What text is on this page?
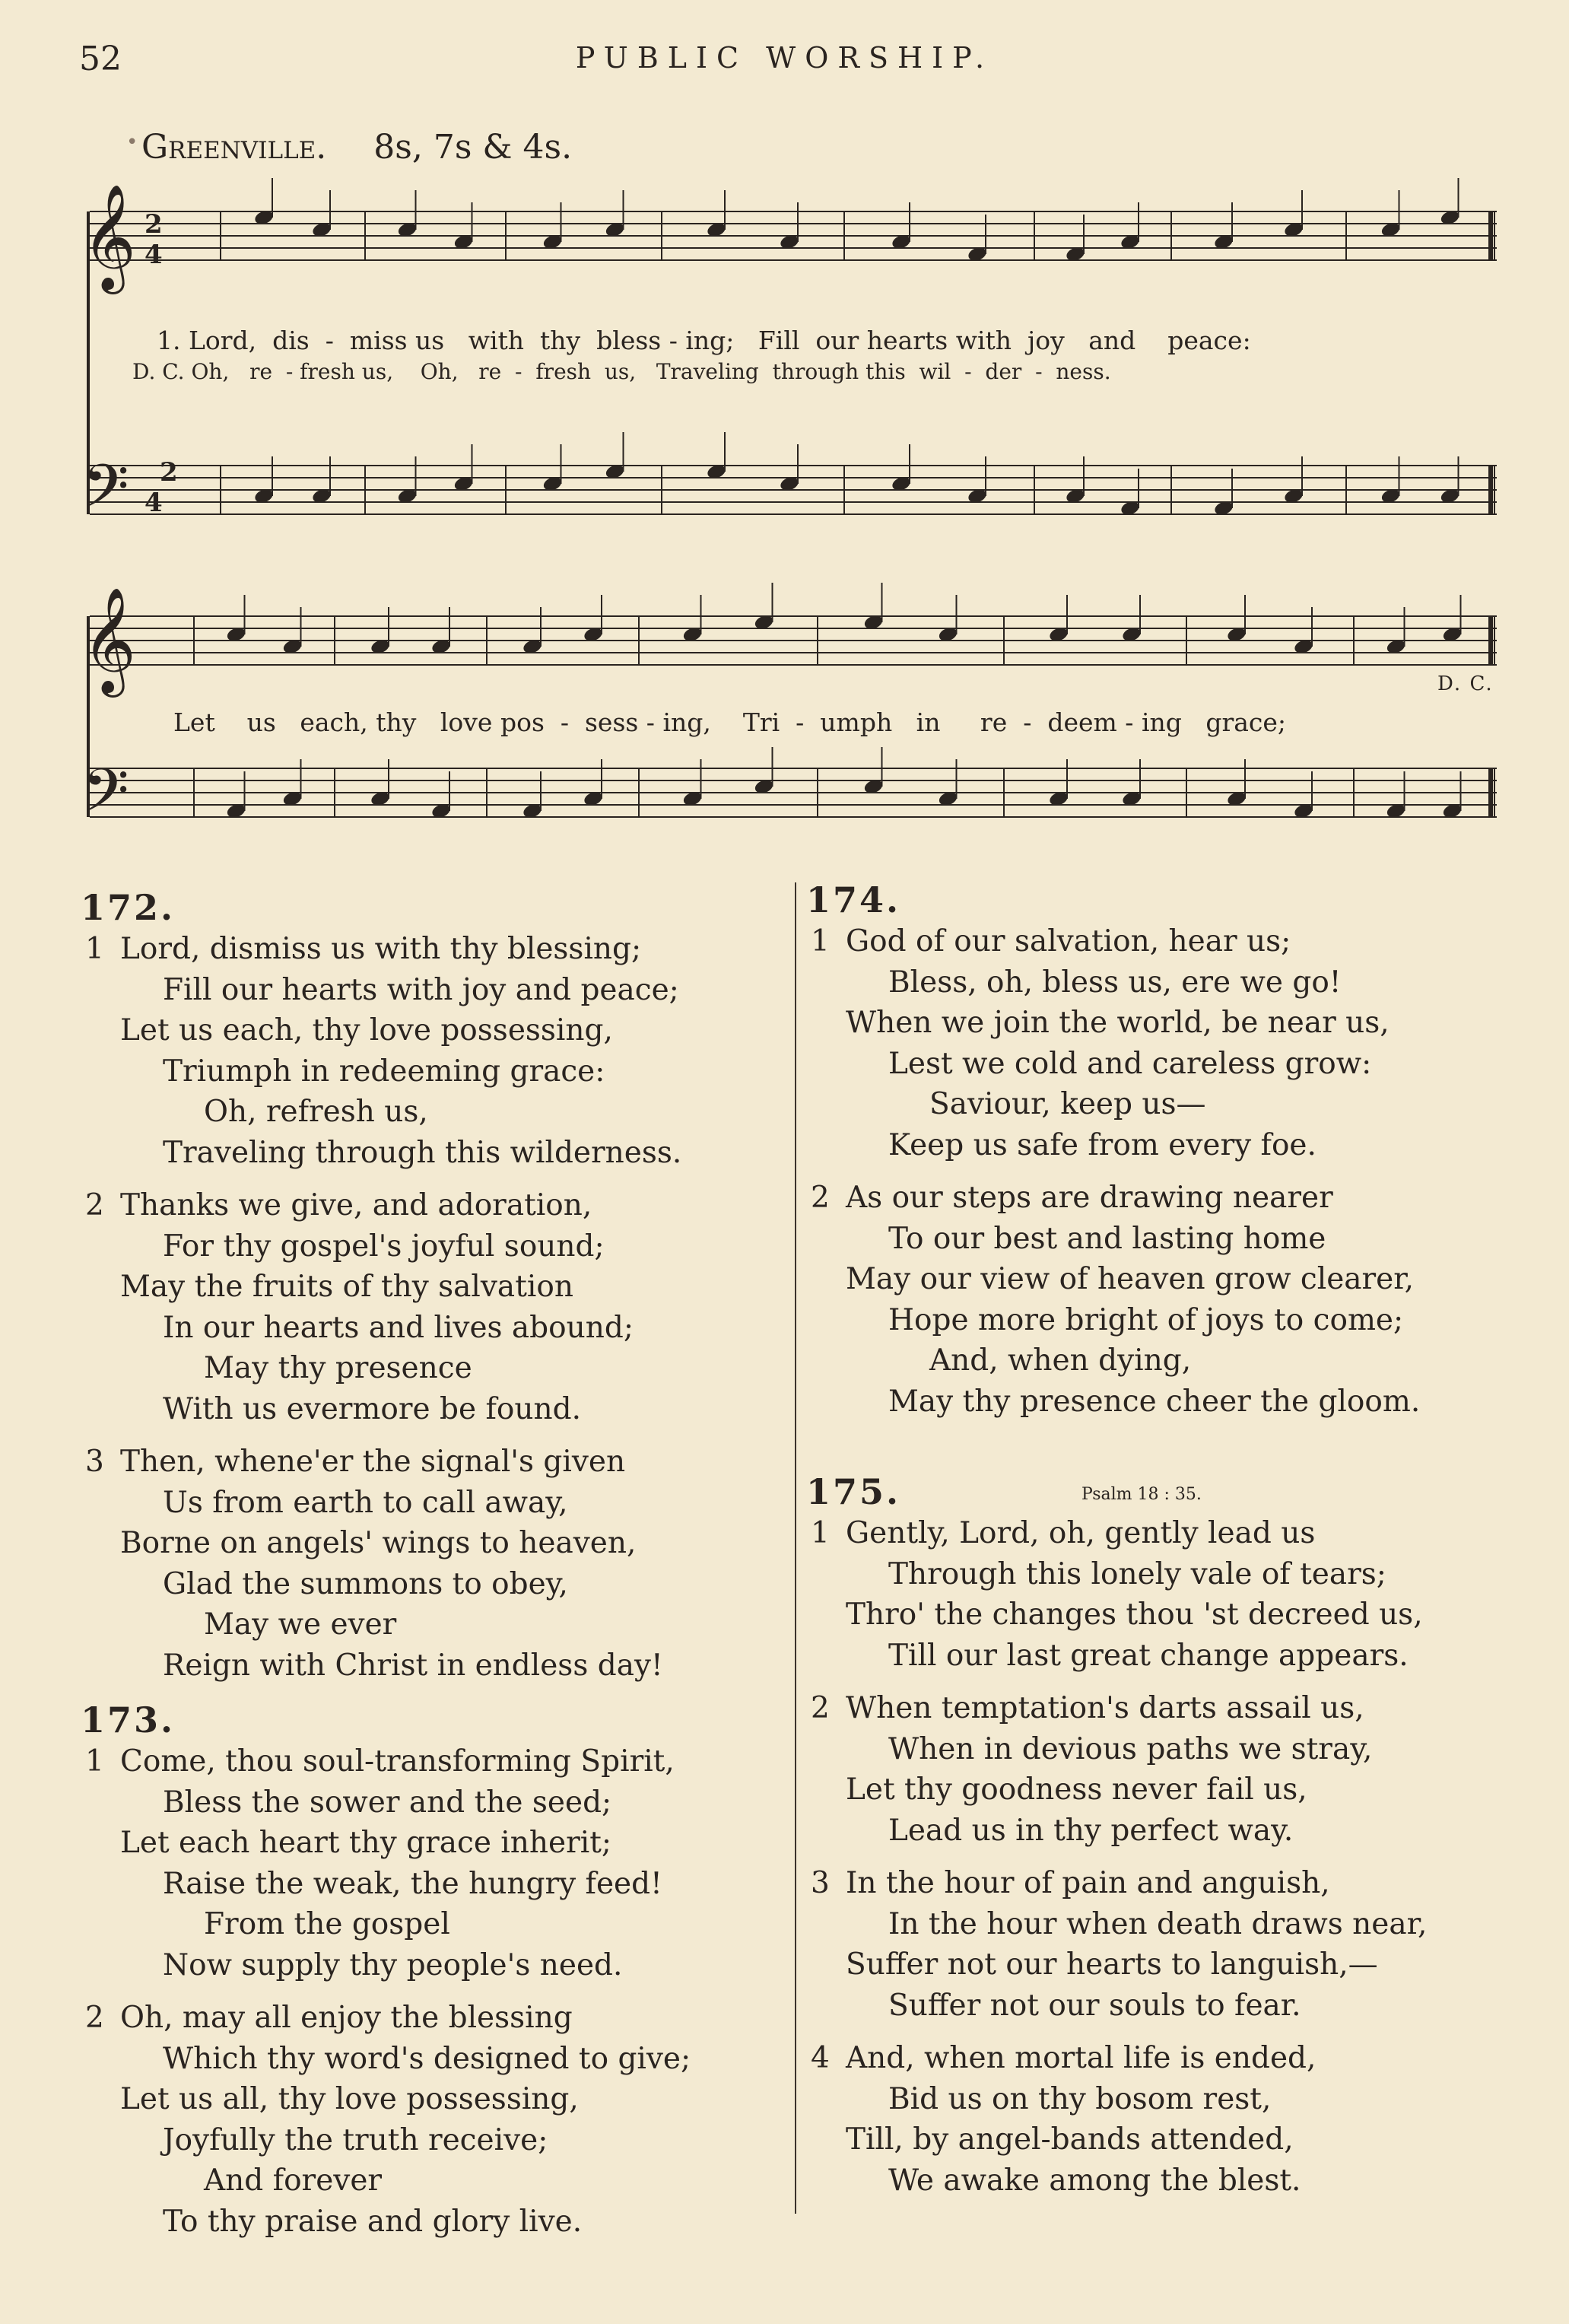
52	PUBLIC WORSHIP.
• Greenville. 8s, 7s & 4s.
𝄞
𝄢
𝄞
𝄢
2
4
2
4
1. Lord,  dis  -  miss us   with  thy  bless - ing;   Fill  our hearts with  joy   and    peace:
D. C. Oh,   re  - fresh us,    Oh,   re  -  fresh  us,   Traveling  through this  wil  -  der  -  ness.
Let    us   each, thy   love pos  -  sess - ing,    Tri  -  umph   in     re  -  deem - ing   grace;
D. C.
172.
1 Lord, dismiss us with thy blessing;
Fill our hearts with joy and peace;
Let us each, thy love possessing,
Triumph in redeeming grace:
Oh, refresh us,
Traveling through this wilderness.
2 Thanks we give, and adoration,
For thy gospel's joyful sound;
May the fruits of thy salvation
In our hearts and lives abound;
May thy presence
With us evermore be found.
3 Then, whene'er the signal's given
Us from earth to call away,
Borne on angels' wings to heaven,
Glad the summons to obey,
May we ever
Reign with Christ in endless day!
173.
1 Come, thou soul-transforming Spirit,
Bless the sower and the seed;
Let each heart thy grace inherit;
Raise the weak, the hungry feed!
From the gospel
Now supply thy people's need.
2 Oh, may all enjoy the blessing
Which thy word's designed to give;
Let us all, thy love possessing,
Joyfully the truth receive;
And forever
To thy praise and glory live.
174.
1 God of our salvation, hear us;
Bless, oh, bless us, ere we go!
When we join the world, be near us,
Lest we cold and careless grow:
Saviour, keep us—
Keep us safe from every foe.
2 As our steps are drawing nearer
To our best and lasting home
May our view of heaven grow clearer,
Hope more bright of joys to come;
And, when dying,
May thy presence cheer the gloom.
175.	Psalm 18 : 35.
1 Gently, Lord, oh, gently lead us
Through this lonely vale of tears;
Thro' the changes thou 'st decreed us,
Till our last great change appears.
2 When temptation's darts assail us,
When in devious paths we stray,
Let thy goodness never fail us,
Lead us in thy perfect way.
3 In the hour of pain and anguish,
In the hour when death draws near,
Suffer not our hearts to languish,—
Suffer not our souls to fear.
4 And, when mortal life is ended,
Bid us on thy bosom rest,
Till, by angel-bands attended,
We awake among the blest.
